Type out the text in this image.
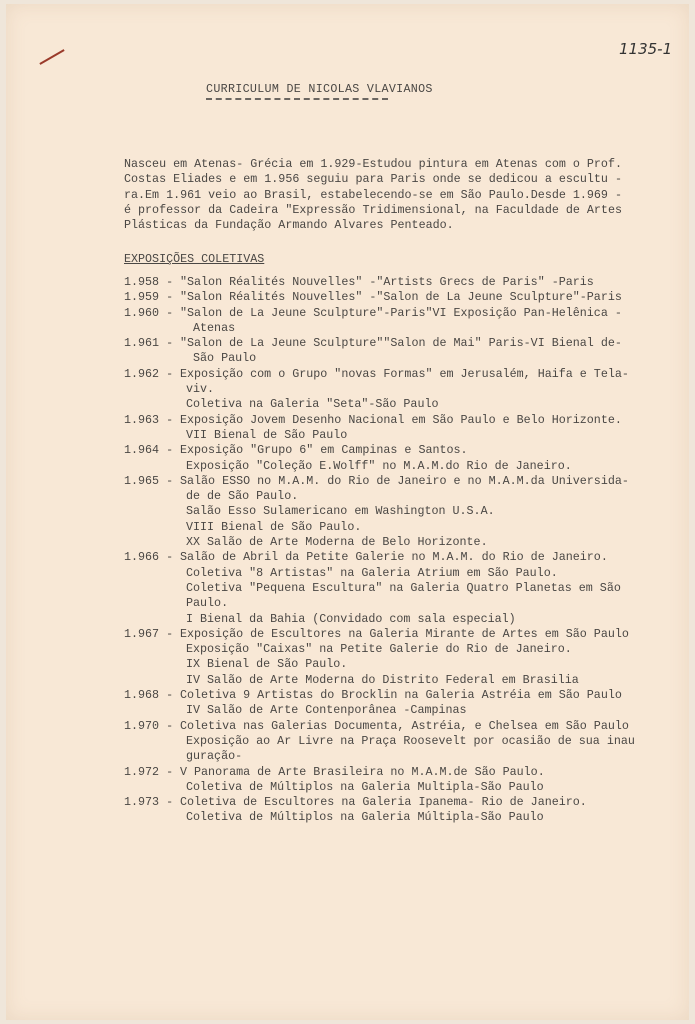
1135-1
CURRICULUM DE NICOLAS VLAVIANOS
Nasceu em Atenas- Grécia em 1.929-Estudou pintura em Atenas com o Prof.
Costas Eliades e em 1.956 seguiu para Paris onde se dedicou a escultu -
ra.Em 1.961 veio ao Brasil, estabelecendo-se em São Paulo.Desde 1.969 -
é professor da Cadeira "Expressão Tridimensional, na Faculdade de Artes
Plásticas da Fundação Armando Alvares Penteado.
EXPOSIÇÕES COLETIVAS
1.958 - "Salon Réalités Nouvelles" -"Artists Grecs de Paris" -Paris
1.959 - "Salon Réalités Nouvelles" -"Salon de La Jeune Sculpture"-Paris
1.960 - "Salon de La Jeune Sculpture"-Paris"VI Exposição Pan-Helênica -
Atenas
1.961 - "Salon de La Jeune Sculpture""Salon de Mai" Paris-VI Bienal de-
São Paulo
1.962 - Exposição com o Grupo "novas Formas" em Jerusalém, Haifa e Tela-
viv.
Coletiva na Galeria "Seta"-São Paulo
1.963 - Exposição Jovem Desenho Nacional em São Paulo e Belo Horizonte.
VII Bienal de São Paulo
1.964 - Exposição "Grupo 6" em Campinas e Santos.
Exposição "Coleção E.Wolff" no M.A.M.do Rio de Janeiro.
1.965 - Salão ESSO no M.A.M. do Rio de Janeiro e no M.A.M.da Universida-
de de São Paulo.
Salão Esso Sulamericano em Washington U.S.A.
VIII Bienal de São Paulo.
XX Salão de Arte Moderna de Belo Horizonte.
1.966 - Salão de Abril da Petite Galerie no M.A.M. do Rio de Janeiro.
Coletiva "8 Artistas" na Galeria Atrium em São Paulo.
Coletiva "Pequena Escultura" na Galeria Quatro Planetas em São
Paulo.
I Bienal da Bahia (Convidado com sala especial)
1.967 - Exposição de Escultores na Galeria Mirante de Artes em São Paulo
Exposição "Caixas" na Petite Galerie do Rio de Janeiro.
IX Bienal de São Paulo.
IV Salão de Arte Moderna do Distrito Federal em Brasilia
1.968 - Coletiva 9 Artistas do Brocklin na Galeria Astréia em São Paulo
IV Salão de Arte Contenporânea -Campinas
1.970 - Coletiva nas Galerias Documenta, Astréia, e Chelsea em São Paulo
Exposição ao Ar Livre na Praça Roosevelt por ocasião de sua inau
guração-
1.972 - V Panorama de Arte Brasileira no M.A.M.de São Paulo.
Coletiva de Múltiplos na Galeria Multipla-São Paulo
1.973 - Coletiva de Escultores na Galeria Ipanema- Rio de Janeiro.
Coletiva de Múltiplos na Galeria Múltipla-São Paulo
